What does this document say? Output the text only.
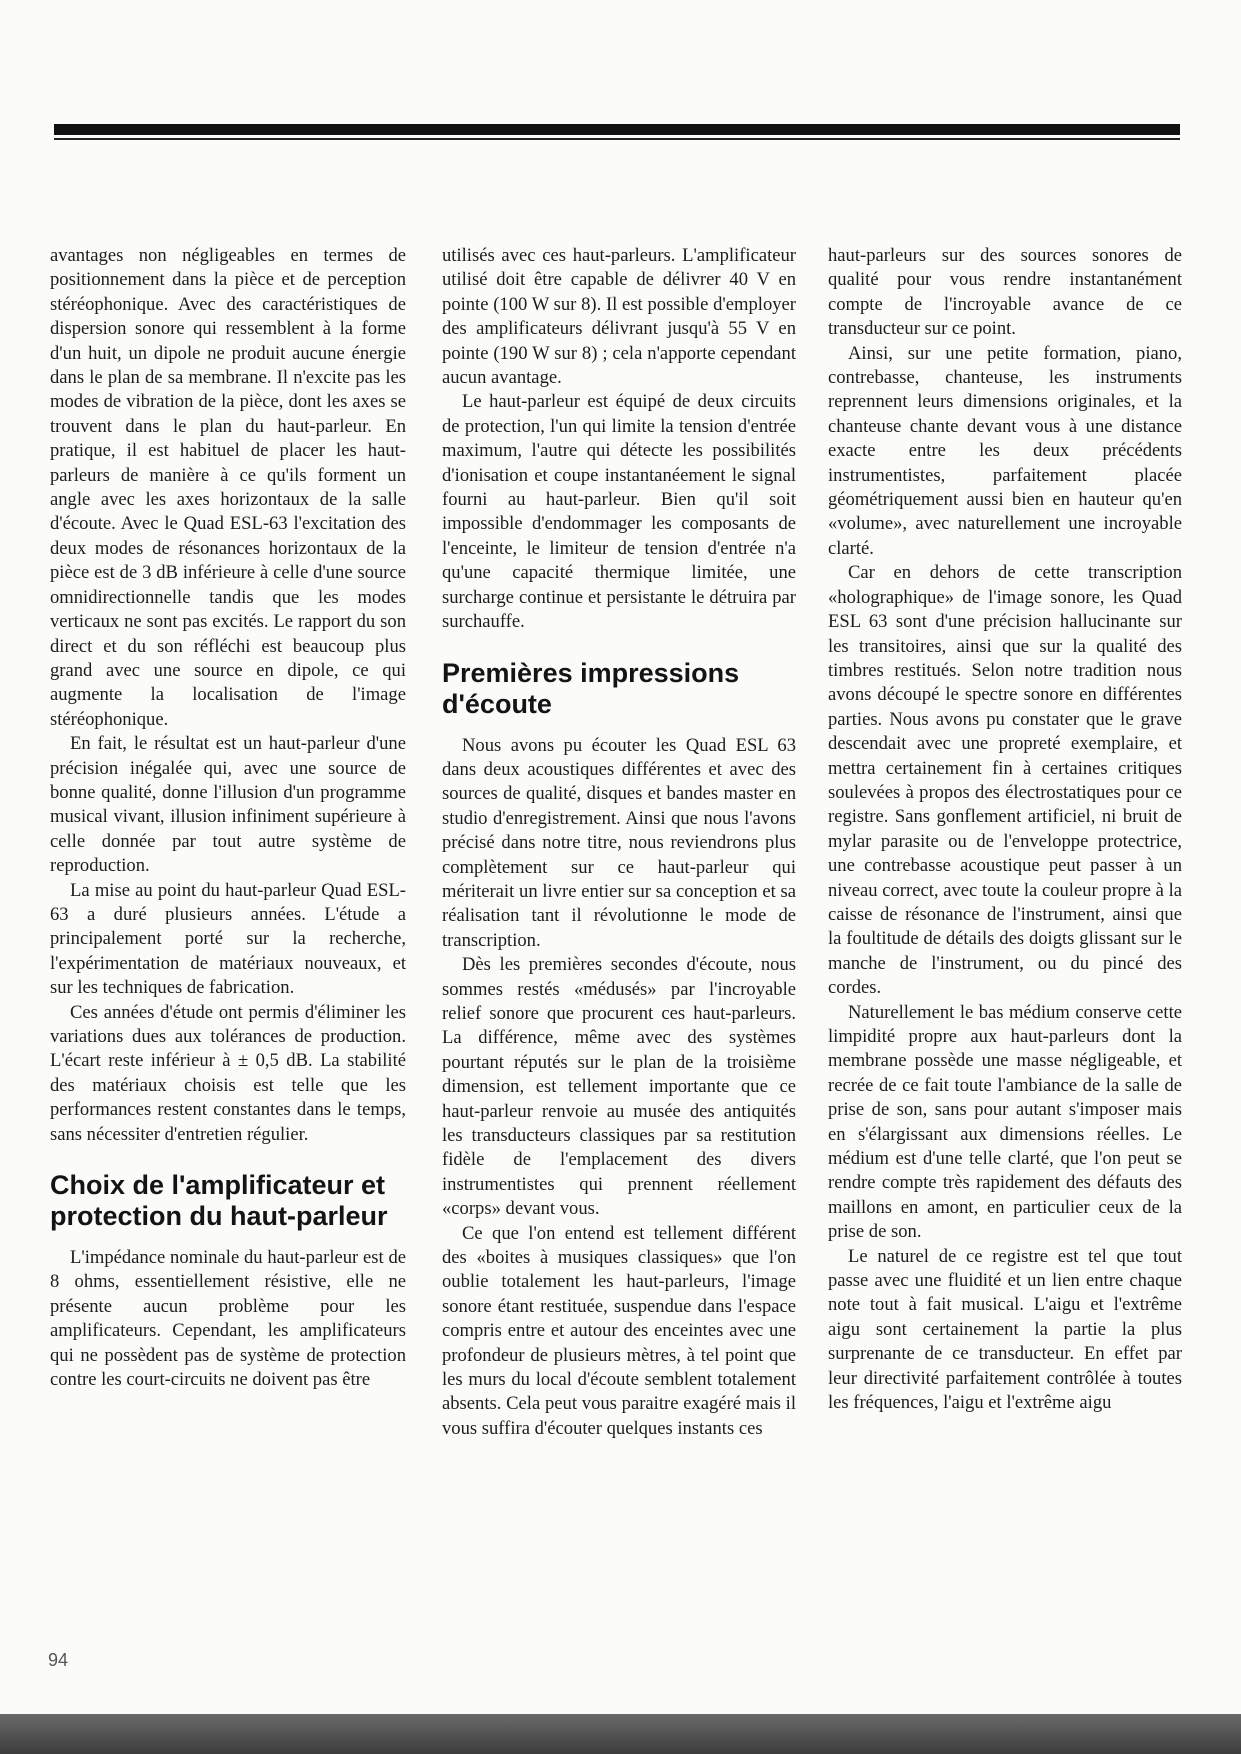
avantages non négligeables en termes de positionnement dans la pièce et de perception stéréophonique. Avec des caractéristiques de dispersion sonore qui ressemblent à la forme d'un huit, un dipole ne produit aucune énergie dans le plan de sa membrane. Il n'excite pas les modes de vibration de la pièce, dont les axes se trouvent dans le plan du haut-parleur. En pratique, il est habituel de placer les haut-parleurs de manière à ce qu'ils forment un angle avec les axes horizontaux de la salle d'écoute. Avec le Quad ESL-63 l'excitation des deux modes de résonances horizontaux de la pièce est de 3 dB inférieure à celle d'une source omnidirectionnelle tandis que les modes verticaux ne sont pas excités. Le rapport du son direct et du son réfléchi est beaucoup plus grand avec une source en dipole, ce qui augmente la localisation de l'image stéréophonique.

En fait, le résultat est un haut-parleur d'une précision inégalée qui, avec une source de bonne qualité, donne l'illusion d'un programme musical vivant, illusion infiniment supérieure à celle donnée par tout autre système de reproduction.

La mise au point du haut-parleur Quad ESL-63 a duré plusieurs années. L'étude a principalement porté sur la recherche, l'expérimentation de matériaux nouveaux, et sur les techniques de fabrication.

Ces années d'étude ont permis d'éliminer les variations dues aux tolérances de production. L'écart reste inférieur à ± 0,5 dB. La stabilité des matériaux choisis est telle que les performances restent constantes dans le temps, sans nécessiter d'entretien régulier.

Choix de l'amplificateur et protection du haut-parleur

L'impédance nominale du haut-parleur est de 8 ohms, essentiellement résistive, elle ne présente aucun problème pour les amplificateurs. Cependant, les amplificateurs qui ne possèdent pas de système de protection contre les court-circuits ne doivent pas être

utilisés avec ces haut-parleurs. L'amplificateur utilisé doit être capable de délivrer 40 V en pointe (100 W sur 8). Il est possible d'employer des amplificateurs délivrant jusqu'à 55 V en pointe (190 W sur 8) ; cela n'apporte cependant aucun avantage.

Le haut-parleur est équipé de deux circuits de protection, l'un qui limite la tension d'entrée maximum, l'autre qui détecte les possibilités d'ionisation et coupe instantanéement le signal fourni au haut-parleur. Bien qu'il soit impossible d'endommager les composants de l'enceinte, le limiteur de tension d'entrée n'a qu'une capacité thermique limitée, une surcharge continue et persistante le détruira par surchauffe.

Premières impressions d'écoute

Nous avons pu écouter les Quad ESL 63 dans deux acoustiques différentes et avec des sources de qualité, disques et bandes master en studio d'enregistrement. Ainsi que nous l'avons précisé dans notre titre, nous reviendrons plus complètement sur ce haut-parleur qui mériterait un livre entier sur sa conception et sa réalisation tant il révolutionne le mode de transcription.

Dès les premières secondes d'écoute, nous sommes restés «médusés» par l'incroyable relief sonore que procurent ces haut-parleurs. La différence, même avec des systèmes pourtant réputés sur le plan de la troisième dimension, est tellement importante que ce haut-parleur renvoie au musée des antiquités les transducteurs classiques par sa restitution fidèle de l'emplacement des divers instrumentistes qui prennent réellement «corps» devant vous.

Ce que l'on entend est tellement différent des «boites à musiques classiques» que l'on oublie totalement les haut-parleurs, l'image sonore étant restituée, suspendue dans l'espace compris entre et autour des enceintes avec une profondeur de plusieurs mètres, à tel point que les murs du local d'écoute semblent totalement absents. Cela peut vous paraitre exagéré mais il vous suffira d'écouter quelques instants ces

haut-parleurs sur des sources sonores de qualité pour vous rendre instantanément compte de l'incroyable avance de ce transducteur sur ce point.

Ainsi, sur une petite formation, piano, contrebasse, chanteuse, les instruments reprennent leurs dimensions originales, et la chanteuse chante devant vous à une distance exacte entre les deux précédents instrumentistes, parfaitement placée géométriquement aussi bien en hauteur qu'en «volume», avec naturellement une incroyable clarté.

Car en dehors de cette transcription «holographique» de l'image sonore, les Quad ESL 63 sont d'une précision hallucinante sur les transitoires, ainsi que sur la qualité des timbres restitués. Selon notre tradition nous avons découpé le spectre sonore en différentes parties. Nous avons pu constater que le grave descendait avec une propreté exemplaire, et mettra certainement fin à certaines critiques soulevées à propos des électrostatiques pour ce registre. Sans gonflement artificiel, ni bruit de mylar parasite ou de l'enveloppe protectrice, une contrebasse acoustique peut passer à un niveau correct, avec toute la couleur propre à la caisse de résonance de l'instrument, ainsi que la foultitude de détails des doigts glissant sur le manche de l'instrument, ou du pincé des cordes.

Naturellement le bas médium conserve cette limpidité propre aux haut-parleurs dont la membrane possède une masse négligeable, et recrée de ce fait toute l'ambiance de la salle de prise de son, sans pour autant s'imposer mais en s'élargissant aux dimensions réelles. Le médium est d'une telle clarté, que l'on peut se rendre compte très rapidement des défauts des maillons en amont, en particulier ceux de la prise de son.

Le naturel de ce registre est tel que tout passe avec une fluidité et un lien entre chaque note tout à fait musical. L'aigu et l'extrême aigu sont certainement la partie la plus surprenante de ce transducteur. En effet par leur directivité parfaitement contrôlée à toutes les fréquences, l'aigu et l'extrême aigu

94
